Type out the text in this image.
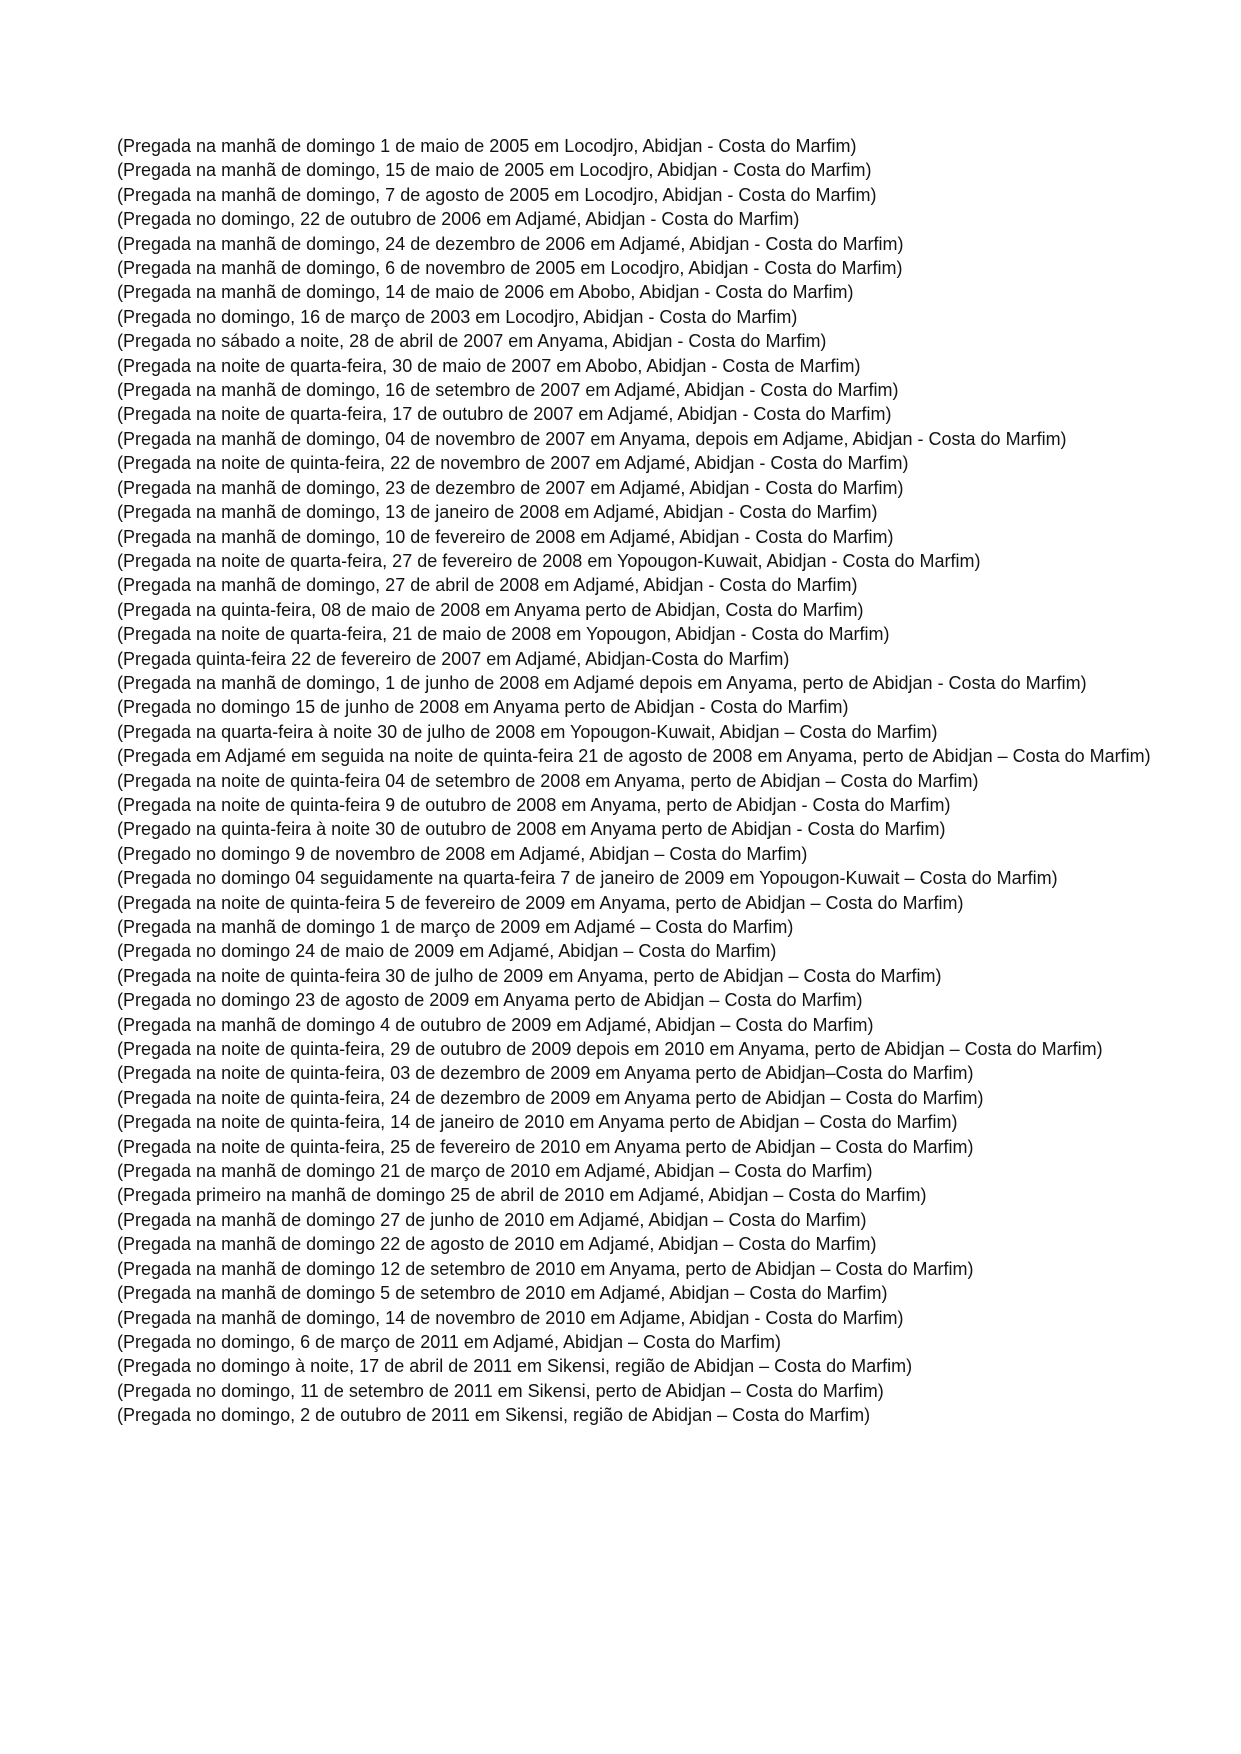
(Pregada na manhã de domingo 1 de maio de 2005 em Locodjro, Abidjan - Costa do Marfim)

(Pregada na manhã de domingo, 15 de maio de 2005 em Locodjro, Abidjan - Costa do Marfim)

(Pregada na manhã de domingo, 7 de agosto de 2005 em Locodjro, Abidjan - Costa do Marfim)

(Pregada no domingo, 22 de outubro de 2006 em Adjamé, Abidjan - Costa do Marfim)

(Pregada na manhã de domingo, 24 de dezembro de 2006 em Adjamé, Abidjan - Costa do Marfim)

(Pregada na manhã de domingo, 6 de novembro de 2005 em Locodjro, Abidjan - Costa do Marfim)

(Pregada na manhã de domingo, 14 de maio de 2006 em Abobo, Abidjan - Costa do Marfim)

(Pregada no domingo, 16 de março de 2003 em Locodjro, Abidjan - Costa do Marfim)

(Pregada no sábado a noite, 28 de abril de 2007 em Anyama, Abidjan - Costa do Marfim)

(Pregada na noite de quarta-feira, 30 de maio de 2007 em Abobo, Abidjan - Costa de Marfim)

(Pregada na manhã de domingo, 16 de setembro de 2007 em Adjamé, Abidjan - Costa do Marfim)

(Pregada na noite de quarta-feira, 17 de outubro de 2007 em Adjamé, Abidjan - Costa do Marfim)

(Pregada na manhã de domingo, 04 de novembro de 2007 em Anyama, depois em Adjame, Abidjan - Costa do Marfim)

(Pregada na noite de quinta-feira, 22 de novembro de 2007 em Adjamé, Abidjan - Costa do Marfim)

(Pregada na manhã de domingo, 23 de dezembro de 2007 em Adjamé, Abidjan - Costa do Marfim)

(Pregada na manhã de domingo, 13 de janeiro de 2008 em Adjamé, Abidjan - Costa do Marfim)

(Pregada na manhã de domingo, 10 de fevereiro de 2008 em Adjamé, Abidjan - Costa do Marfim)

(Pregada na noite de quarta-feira, 27 de fevereiro de 2008 em Yopougon-Kuwait, Abidjan - Costa do Marfim)

(Pregada na manhã de domingo, 27 de abril de 2008 em Adjamé, Abidjan - Costa do Marfim)

(Pregada na quinta-feira, 08 de maio de 2008 em Anyama perto de Abidjan, Costa do Marfim)

(Pregada na noite de quarta-feira, 21 de maio de 2008 em Yopougon, Abidjan - Costa do Marfim)

(Pregada quinta-feira 22 de fevereiro de 2007 em Adjamé, Abidjan-Costa do Marfim)

(Pregada na manhã de domingo, 1 de junho de 2008 em Adjamé depois em Anyama, perto de Abidjan - Costa do Marfim)

(Pregada no domingo 15 de junho de 2008 em Anyama perto de Abidjan - Costa do Marfim)

(Pregada na quarta-feira à noite 30 de julho de 2008 em Yopougon-Kuwait, Abidjan – Costa do Marfim)

(Pregada em Adjamé em seguida na noite de quinta-feira 21 de agosto de 2008 em Anyama, perto de Abidjan – Costa do Marfim)

(Pregada na noite de quinta-feira 04 de setembro de 2008 em Anyama, perto de Abidjan – Costa do Marfim)

(Pregada na noite de quinta-feira 9 de outubro de 2008 em Anyama, perto de Abidjan - Costa do Marfim)

(Pregado na quinta-feira à noite 30 de outubro de 2008 em Anyama perto de Abidjan - Costa do Marfim)

(Pregado no domingo 9 de novembro de 2008 em Adjamé, Abidjan – Costa do Marfim)

(Pregada no domingo 04 seguidamente na quarta-feira 7 de janeiro de 2009 em Yopougon-Kuwait – Costa do Marfim)

(Pregada na noite de quinta-feira 5 de fevereiro de 2009 em Anyama, perto de Abidjan – Costa do Marfim)

(Pregada na manhã de domingo 1 de março de 2009 em Adjamé – Costa do Marfim)

(Pregada no domingo 24 de maio de 2009 em Adjamé, Abidjan – Costa do Marfim)

(Pregada na noite de quinta-feira 30 de julho de 2009 em Anyama, perto de Abidjan – Costa do Marfim)

(Pregada no domingo 23 de agosto de 2009 em Anyama perto de Abidjan – Costa do Marfim)

(Pregada na manhã de domingo 4 de outubro de 2009 em Adjamé, Abidjan – Costa do Marfim)

(Pregada na noite de quinta-feira, 29 de outubro de 2009 depois em 2010 em Anyama, perto de Abidjan – Costa do Marfim)

(Pregada na noite de quinta-feira, 03 de dezembro de 2009 em Anyama perto de Abidjan–Costa do Marfim)

(Pregada na noite de quinta-feira, 24 de dezembro de 2009 em Anyama perto de Abidjan – Costa do Marfim)

(Pregada na noite de quinta-feira, 14 de janeiro de 2010 em Anyama perto de Abidjan – Costa do Marfim)

(Pregada na noite de quinta-feira, 25 de fevereiro de 2010 em Anyama perto de Abidjan – Costa do Marfim)

(Pregada na manhã de domingo 21 de março de 2010 em Adjamé, Abidjan – Costa do Marfim)

(Pregada primeiro na manhã de domingo 25 de abril de 2010 em Adjamé, Abidjan – Costa do Marfim)

(Pregada na manhã de domingo 27 de junho de 2010 em Adjamé, Abidjan – Costa do Marfim)

(Pregada na manhã de domingo 22 de agosto de 2010 em Adjamé, Abidjan – Costa do Marfim)

(Pregada na manhã de domingo 12 de setembro de 2010 em Anyama, perto de Abidjan – Costa do Marfim)

(Pregada na manhã de domingo 5 de setembro de 2010 em Adjamé, Abidjan – Costa do Marfim)

(Pregada na manhã de domingo, 14 de novembro de 2010 em Adjame, Abidjan - Costa do Marfim)

(Pregada no domingo, 6 de março de 2011 em Adjamé, Abidjan – Costa do Marfim)

(Pregada no domingo à noite, 17 de abril de 2011 em Sikensi, região de Abidjan – Costa do Marfim)

(Pregada no domingo, 11 de setembro de 2011 em Sikensi, perto de Abidjan – Costa do Marfim)

(Pregada no domingo, 2 de outubro de 2011 em Sikensi, região de Abidjan – Costa do Marfim)
